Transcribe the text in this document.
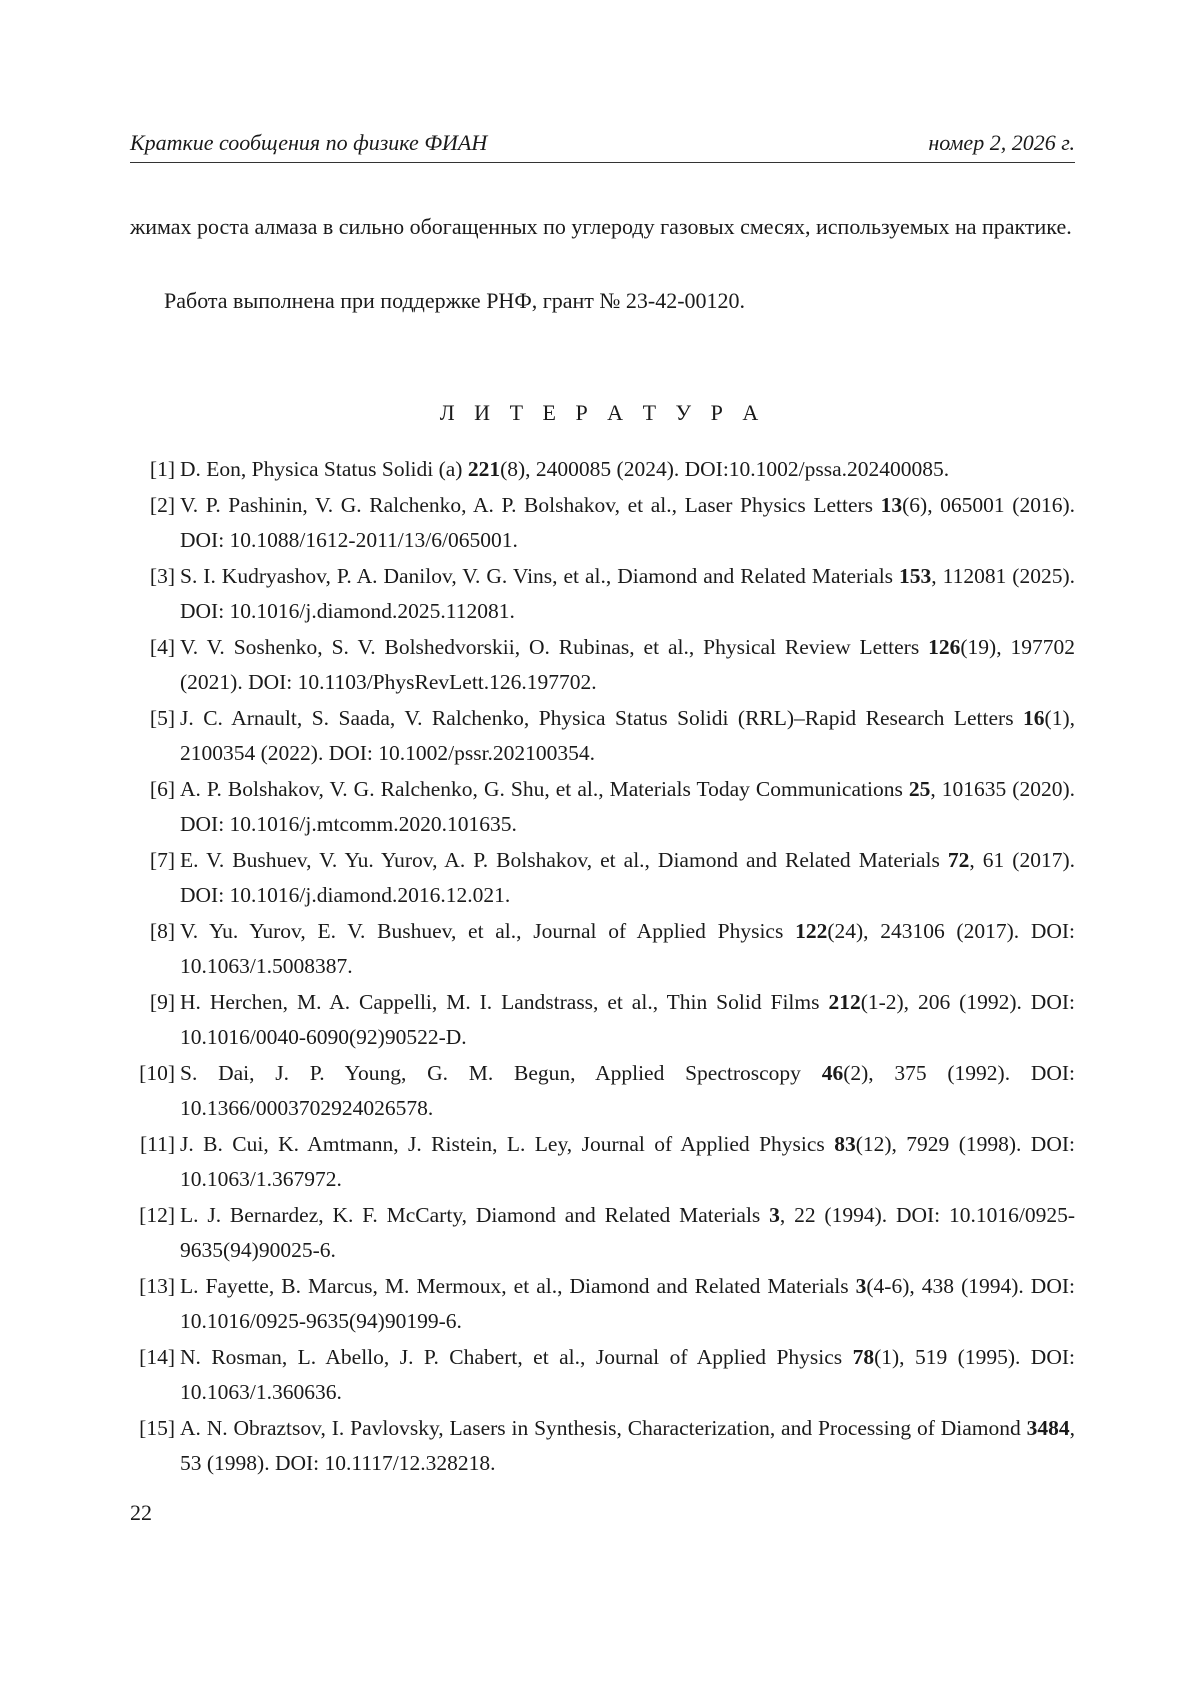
Краткие сообщения по физике ФИАН	номер 2, 2026 г.
жимах роста алмаза в сильно обогащенных по углероду газовых смесях, используемых на практике.
Работа выполнена при поддержке РНФ, грант № 23-42-00120.
Л И Т Е Р А Т У Р А
[1] D. Eon, Physica Status Solidi (a) 221(8), 2400085 (2024). DOI:10.1002/pssa.202400085.
[2] V. P. Pashinin, V. G. Ralchenko, A. P. Bolshakov, et al., Laser Physics Letters 13(6), 065001 (2016). DOI: 10.1088/1612-2011/13/6/065001.
[3] S. I. Kudryashov, P. A. Danilov, V. G. Vins, et al., Diamond and Related Materials 153, 112081 (2025). DOI: 10.1016/j.diamond.2025.112081.
[4] V. V. Soshenko, S. V. Bolshedvorskii, O. Rubinas, et al., Physical Review Letters 126(19), 197702 (2021). DOI: 10.1103/PhysRevLett.126.197702.
[5] J. C. Arnault, S. Saada, V. Ralchenko, Physica Status Solidi (RRL)–Rapid Research Letters 16(1), 2100354 (2022). DOI: 10.1002/pssr.202100354.
[6] A. P. Bolshakov, V. G. Ralchenko, G. Shu, et al., Materials Today Communications 25, 101635 (2020). DOI: 10.1016/j.mtcomm.2020.101635.
[7] E. V. Bushuev, V. Yu. Yurov, A. P. Bolshakov, et al., Diamond and Related Materials 72, 61 (2017). DOI: 10.1016/j.diamond.2016.12.021.
[8] V. Yu. Yurov, E. V. Bushuev, et al., Journal of Applied Physics 122(24), 243106 (2017). DOI: 10.1063/1.5008387.
[9] H. Herchen, M. A. Cappelli, M. I. Landstrass, et al., Thin Solid Films 212(1-2), 206 (1992). DOI: 10.1016/0040-6090(92)90522-D.
[10] S. Dai, J. P. Young, G. M. Begun, Applied Spectroscopy 46(2), 375 (1992). DOI: 10.1366/0003702924026578.
[11] J. B. Cui, K. Amtmann, J. Ristein, L. Ley, Journal of Applied Physics 83(12), 7929 (1998). DOI: 10.1063/1.367972.
[12] L. J. Bernardez, K. F. McCarty, Diamond and Related Materials 3, 22 (1994). DOI: 10.1016/0925-9635(94)90025-6.
[13] L. Fayette, B. Marcus, M. Mermoux, et al., Diamond and Related Materials 3(4-6), 438 (1994). DOI: 10.1016/0925-9635(94)90199-6.
[14] N. Rosman, L. Abello, J. P. Chabert, et al., Journal of Applied Physics 78(1), 519 (1995). DOI: 10.1063/1.360636.
[15] A. N. Obraztsov, I. Pavlovsky, Lasers in Synthesis, Characterization, and Processing of Diamond 3484, 53 (1998). DOI: 10.1117/12.328218.
22
